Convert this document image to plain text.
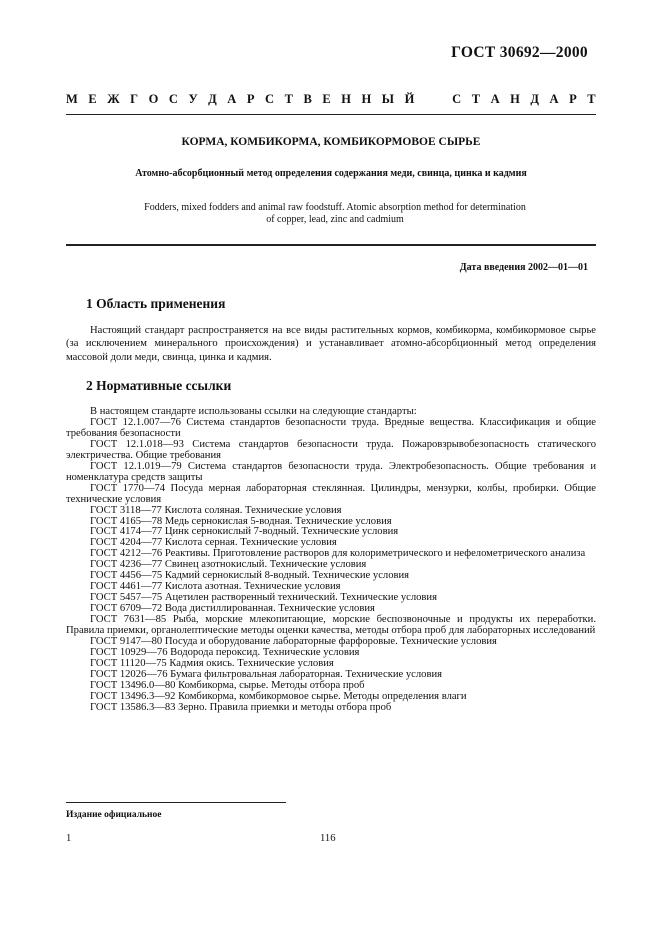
ГОСТ 30692—2000
М Е Ж Г О С У Д А Р С Т В Е Н Н Ы Й

	С Т А Н Д А Р Т
КОРМА, КОМБИКОРМА, КОМБИКОРМОВОЕ СЫРЬЕ
Атомно-абсорбционный метод определения содержания меди, свинца, цинка и кадмия
Fodders, mixed fodders and animal raw foodstuff. Atomic absorption method for determination
of copper, lead, zinc and cadmium
Дата введения 2002—01—01
1 Область применения

Настоящий стандарт распространяется на все виды растительных кормов, комбикорма, комбикормовое сырье (за исключением минерального происхождения) и устанавливает атомно-абсорбционный метод определения массовой доли меди, свинца, цинка и кадмия.

2 Нормативные ссылки

В настоящем стандарте использованы ссылки на следующие стандарты:

ГОСТ 12.1.007—76 Система стандартов безопасности труда. Вредные вещества. Классификация и общие требования безопасности

ГОСТ 12.1.018—93 Система стандартов безопасности труда. Пожаровзрывобезопасность статического электричества. Общие требования

ГОСТ 12.1.019—79 Система стандартов безопасности труда. Электробезопасность. Общие требования и номенклатура средств защиты

ГОСТ 1770—74 Посуда мерная лабораторная стеклянная. Цилиндры, мензурки, колбы, пробирки. Общие технические условия

ГОСТ 3118—77 Кислота соляная. Технические условия

ГОСТ 4165—78 Медь сернокислая 5-водная. Технические условия

ГОСТ 4174—77 Цинк сернокислый 7-водный. Технические условия

ГОСТ 4204—77 Кислота серная. Технические условия

ГОСТ 4212—76 Реактивы. Приготовление растворов для колориметрического и нефелометрического анализа

ГОСТ 4236—77 Свинец азотнокислый. Технические условия

ГОСТ 4456—75 Кадмий сернокислый 8-водный. Технические условия

ГОСТ 4461—77 Кислота азотная. Технические условия

ГОСТ 5457—75 Ацетилен растворенный технический. Технические условия

ГОСТ 6709—72 Вода дистиллированная. Технические условия

ГОСТ 7631—85 Рыба, морские млекопитающие, морские беспозвоночные и продукты их переработки. Правила приемки, органолептические методы оценки качества, методы отбора проб для лабораторных исследований

ГОСТ 9147—80 Посуда и оборудование лабораторные фарфоровые. Технические условия

ГОСТ 10929—76 Водорода пероксид. Технические условия

ГОСТ 11120—75 Кадмия окись. Технические условия

ГОСТ 12026—76 Бумага фильтровальная лабораторная. Технические условия

ГОСТ 13496.0—80 Комбикорма, сырье. Методы отбора проб

ГОСТ 13496.3—92 Комбикорма, комбикормовое сырье. Методы определения влаги

ГОСТ 13586.3—83 Зерно. Правила приемки и методы отбора проб

Издание официальное
1	116
